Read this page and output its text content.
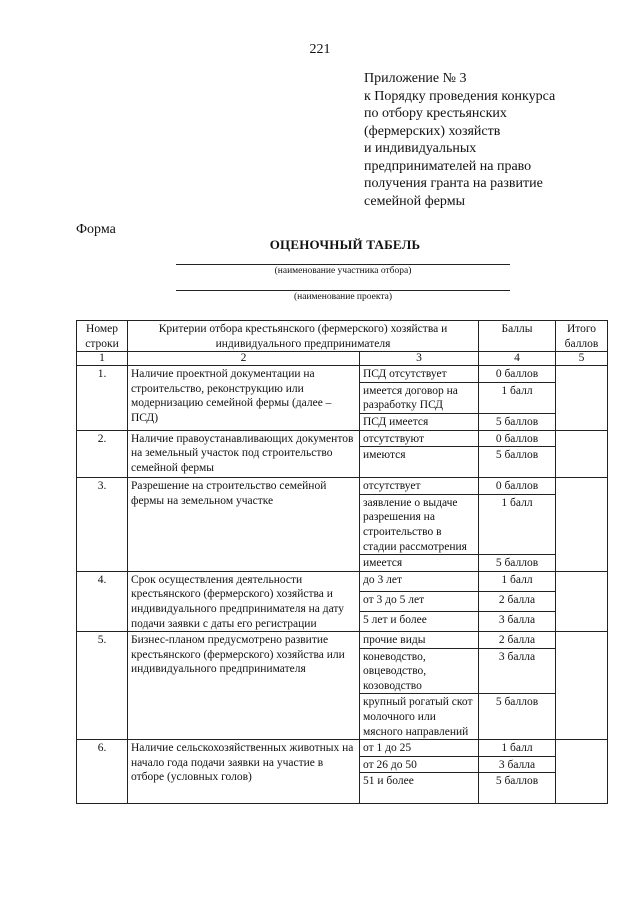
221
Приложение № 3
к Порядку проведения конкурса
по отбору крестьянских
(фермерских) хозяйств
и индивидуальных
предпринимателей на право
получения гранта на развитие
семейной фермы
Форма
ОЦЕНОЧНЫЙ ТАБЕЛЬ
(наименование участника отбора)
(наименование проекта)
Номер строки	Критерии отбора крестьянского (фермерского) хозяйства и индивидуального предпринимателя		Баллы	Итого баллов
1	2	3	4	5
1.	Наличие проектной документации на строительство, реконструкцию или модернизацию семейной фермы (далее – ПСД)	ПСД отсутствует	0 баллов	
		имеется договор на разработку ПСД	1 балл	
		ПСД имеется	5 баллов	
2.	Наличие правоустанавливающих документов на земельный участок под строительство семейной фермы	отсутствуют	0 баллов	
		имеются	5 баллов	
3.	Разрешение на строительство семейной фермы на земельном участке	отсутствует	0 баллов	
		заявление о выдаче разрешения на строительство в стадии рассмотрения	1 балл	
		имеется	5 баллов	
4.	Срок осуществления деятельности крестьянского (фермерского) хозяйства и индивидуального предпринимателя на дату подачи заявки с даты его регистрации	до 3 лет	1 балл	
		от 3 до 5 лет	2 балла	
		5 лет и более	3 балла	
5.	Бизнес-планом предусмотрено развитие крестьянского (фермерского) хозяйства или индивидуального предпринимателя	прочие виды	2 балла	
		коневодство, овцеводство, козоводство	3 балла	
		крупный рогатый скот молочного или мясного направлений	5 баллов	
6.	Наличие сельскохозяйственных животных на начало года подачи заявки на участие в отборе (условных голов)	от 1 до 25	1 балл	
		от 26 до 50	3 балла	
		51 и более	5 баллов	
